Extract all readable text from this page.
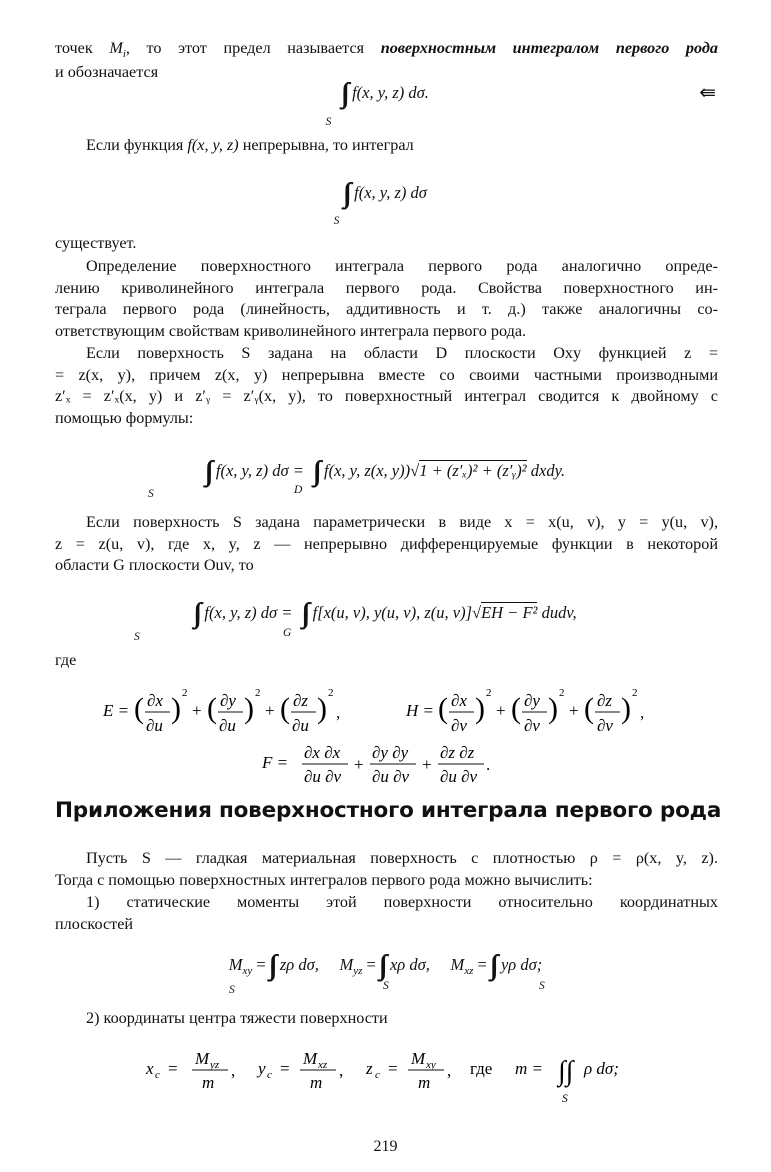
точек $M_i$, то этот предел называется поверхностным интегралом первого рода
и обозначается

f(x, y, z) dσ.
S
⇚

Если функция f(x, y, z) непрерывна, то интеграл

f(x, y, z) dσ
S

существует.

Определение поверхностного интеграла первого рода аналогично опреде-
лению криволинейного интеграла первого рода. Свойства поверхностного ин-
теграла первого рода (линейность, аддитивность и т. д.) также аналогичны со-
ответствующим свойствам криволинейного интеграла первого рода.

Если поверхность S задана на области D плоскости Oxy функцией z =
= z(x, y), причем z(x, y) непрерывна вместе со своими частными производными
z′ₓ = z′ₓ(x, y) и z′ᵧ = z′ᵧ(x, y), то поверхностный интеграл сводится к двойному с
помощью формулы:

f(x, y, z) dσ = f(x, y, z(x, y))√1 + (z′ₓ)² + (z′ᵧ)² dxdy.
S	D

Если поверхность S задана параметрически в виде x = x(u, v), y = y(u, v),
z = z(u, v), где x, y, z — непрерывно дифференцируемые функции в некоторой
области G плоскости Ouv, то

f(x, y, z) dσ = f[x(u, v), y(u, v), z(u, v)]√EH − F² dudv,
S	G

где

E = ( ∂x
∂u
) 2
+ ( ∂y
∂u
) 2
+ ( ∂z
∂u
) 2
,	H = ( ∂x
∂v
) 2
+ ( ∂y
∂v
) 2
+ ( ∂z
∂v
) 2
,
F =
∂x ∂x
∂u ∂v
+
∂y ∂y
∂u ∂v
+
∂z ∂z
∂u ∂v
.
Приложения поверхностного интеграла первого рода

Пусть S — гладкая материальная поверхность с плотностью ρ = ρ(x, y, z).
Тогда с помощью поверхностных интегралов первого рода можно вычислить:

1) статические моменты этой поверхности относительно координатных
плоскостей

$M_{xy} = z\rho$ dσ, $M_{yz} = x\rho$ dσ, $M_{xz} = y\rho$ dσ;
S	S	S

2) координаты центра тяжести поверхности

x c =
M yz
m
, y c =
M xz
m
, z c =
M xy
m
, где m = ∫∫ ρ dσ;
S
219
